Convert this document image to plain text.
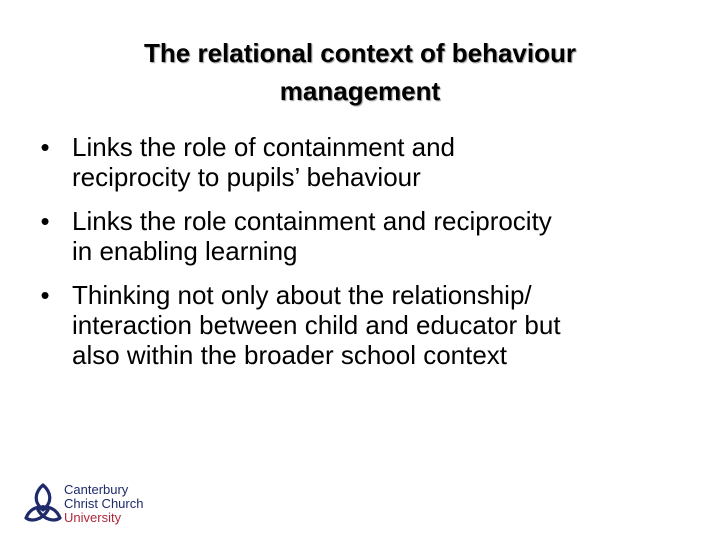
The relational context of behaviour
management
• Links the role of containment and
reciprocity to pupils’ behaviour
• Links the role containment and reciprocity
in enabling learning
• Thinking not only about the relationship/
interaction between child and educator but
also within the broader school context
Canterbury
Christ Church
University
